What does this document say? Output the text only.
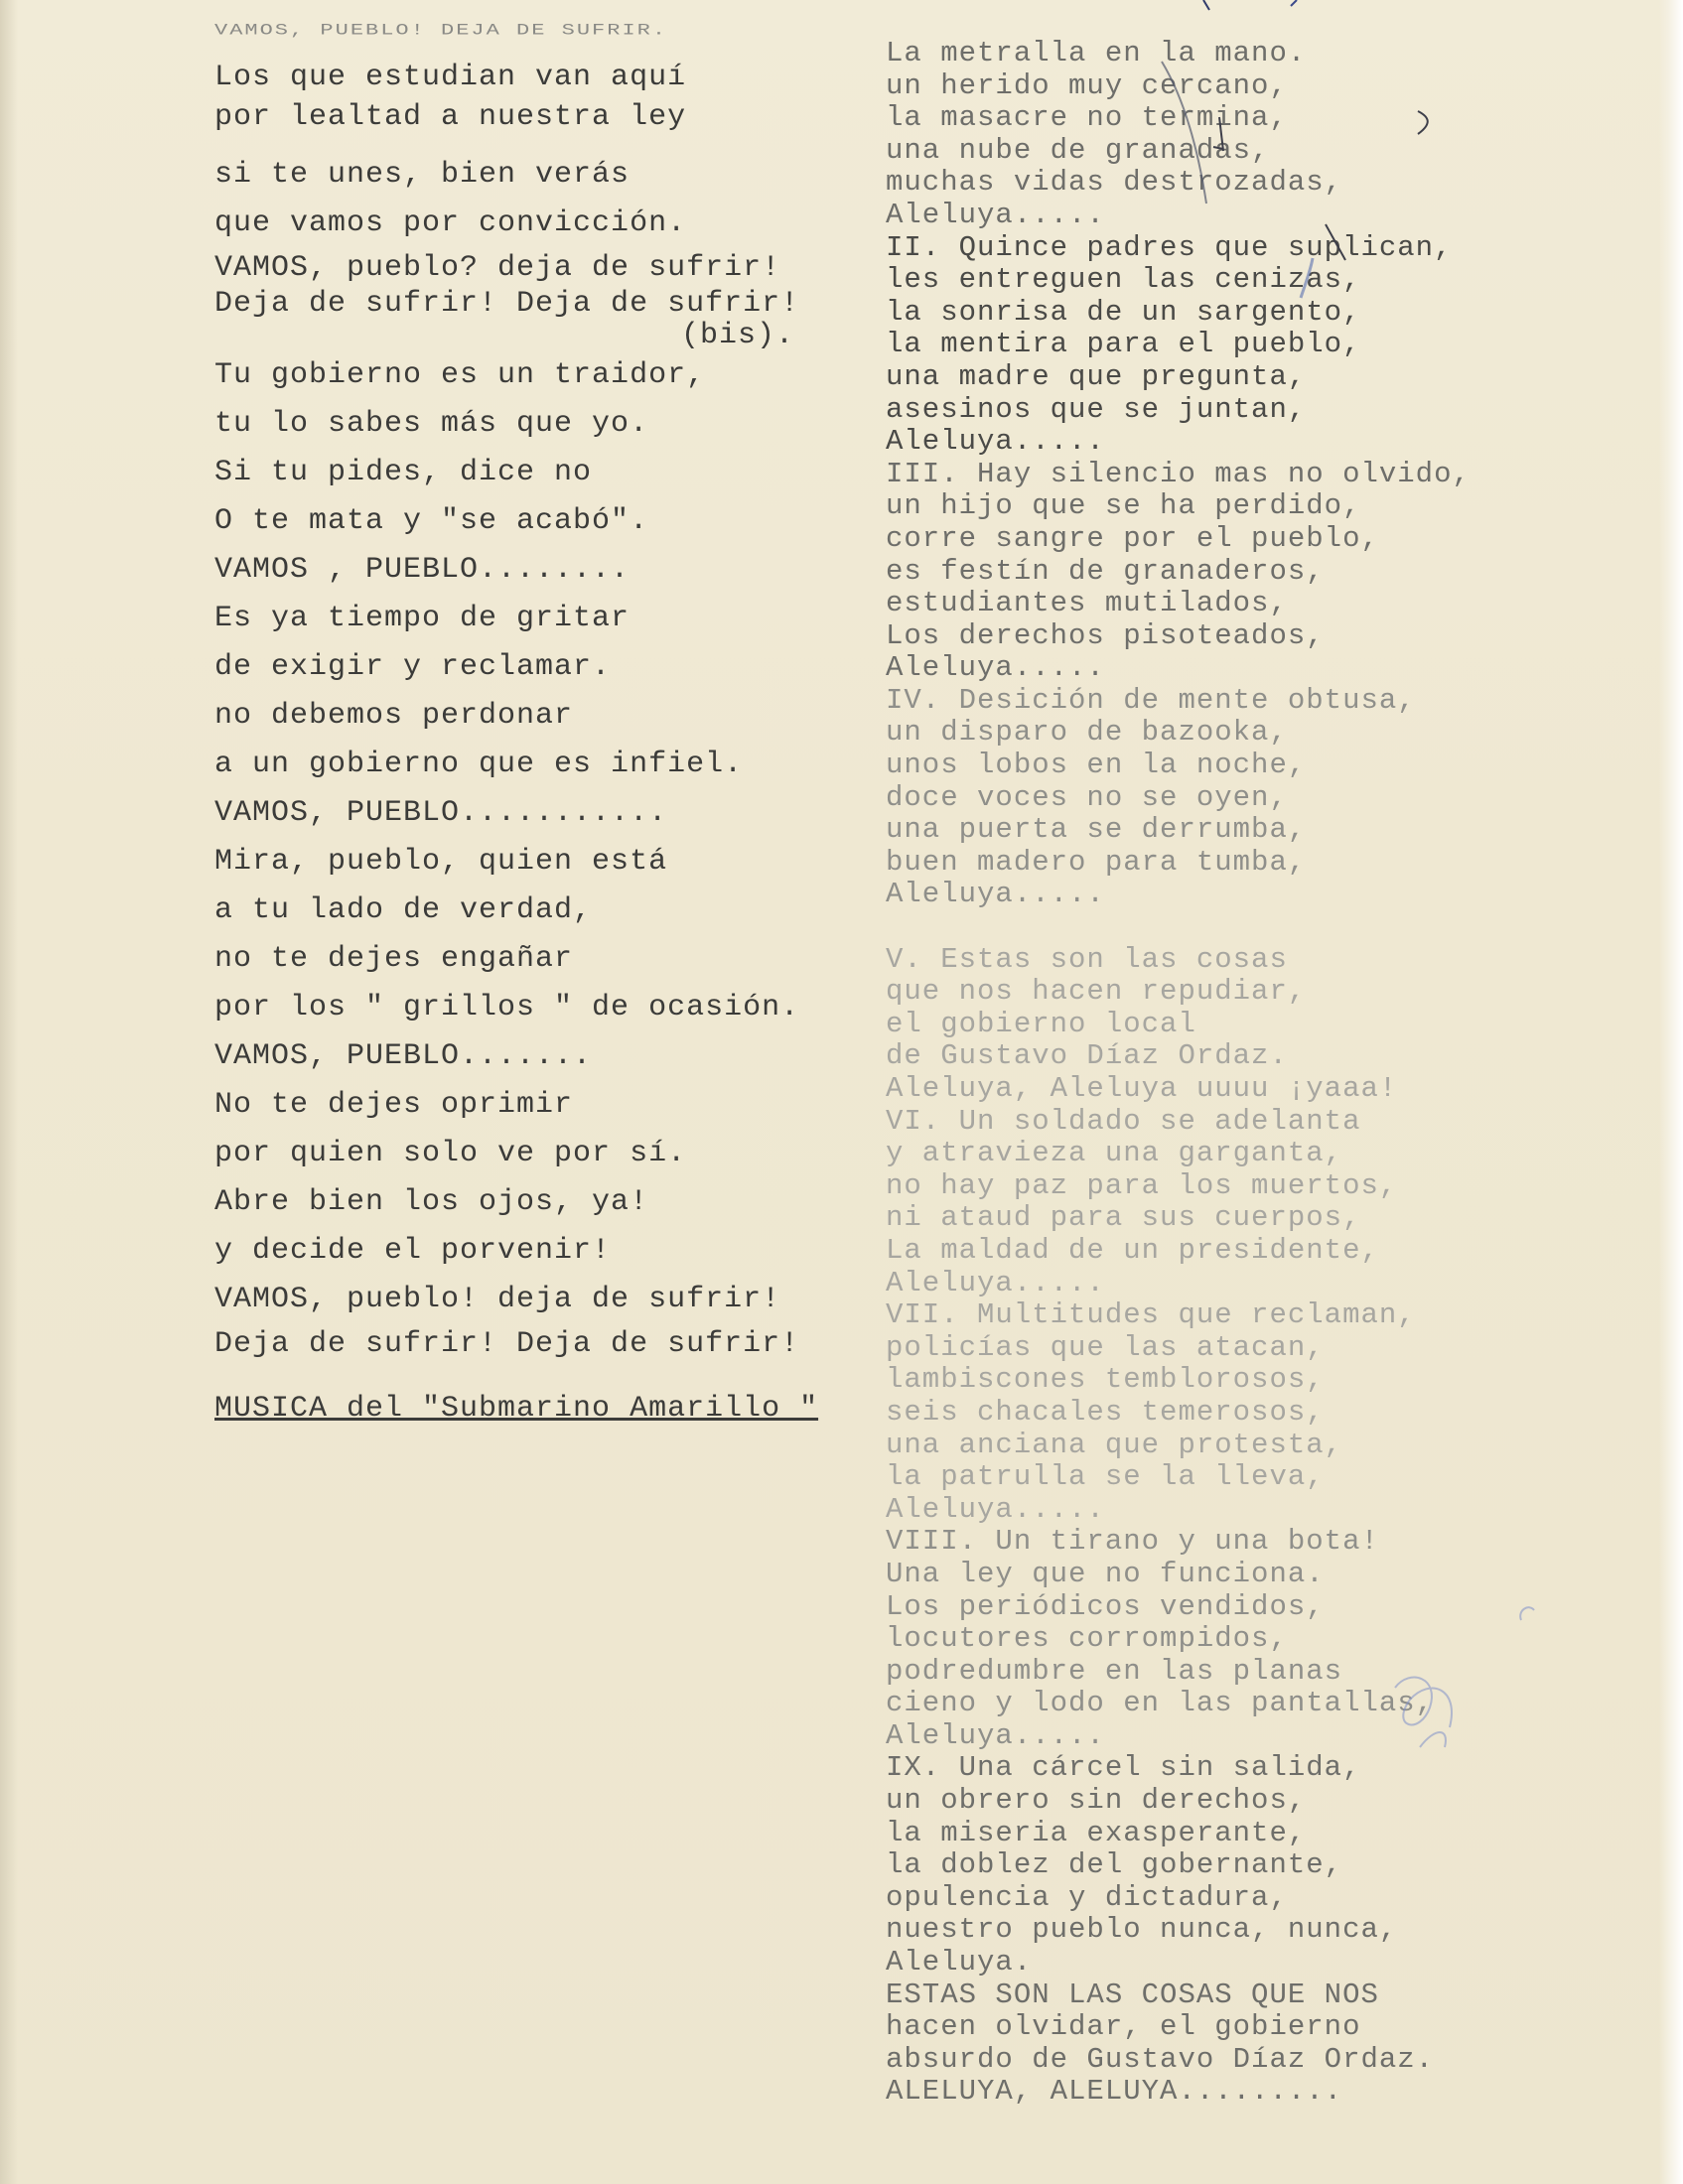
VAMOS, PUEBLO! DEJA DE SUFRIR.
Los que estudian van aquí
por lealtad a nuestra ley
si te unes, bien verás
que vamos por convicción.
VAMOS, pueblo? deja de sufrir!
Deja de sufrir! Deja de sufrir!
(bis).
Tu gobierno es un traidor,
tu lo sabes más que yo.
Si tu pides, dice no
O te mata y "se acabó".
VAMOS , PUEBLO........
Es ya tiempo de gritar
de exigir y reclamar.
no debemos perdonar
a un gobierno que es infiel.
VAMOS, PUEBLO...........
Mira, pueblo, quien está
a tu lado de verdad,
no te dejes engañar
por los " grillos " de ocasión.
VAMOS, PUEBLO.......
No te dejes oprimir
por quien solo ve por sí.
Abre bien los ojos, ya!
y decide el porvenir!
VAMOS, pueblo! deja de sufrir!
Deja de sufrir! Deja de sufrir!
MUSICA del "Submarino Amarillo "
La metralla en la mano.
un herido muy cercano,
la masacre no termina,
una nube de granadas,
muchas vidas destrozadas,
Aleluya.....
II. Quince padres que suplican,
les entreguen las cenizas,
la sonrisa de un sargento,
la mentira para el pueblo,
una madre que pregunta,
asesinos que se juntan,
Aleluya.....
III. Hay silencio mas no olvido,
un hijo que se ha perdido,
corre sangre por el pueblo,
es festín de granaderos,
estudiantes mutilados,
Los derechos pisoteados,
Aleluya.....
IV. Desición de mente obtusa,
un disparo de bazooka,
unos lobos en la noche,
doce voces no se oyen,
una puerta se derrumba,
buen madero para tumba,
Aleluya.....
V. Estas son las cosas
que nos hacen repudiar,
el gobierno local
de Gustavo Díaz Ordaz.
Aleluya, Aleluya uuuu ¡yaaa!
VI. Un soldado se adelanta
y atravieza una garganta,
no hay paz para los muertos,
ni ataud para sus cuerpos,
La maldad de un presidente,
Aleluya.....
VII. Multitudes que reclaman,
policías que las atacan,
lambiscones temblorosos,
seis chacales temerosos,
una anciana que protesta,
la patrulla se la lleva,
Aleluya.....
VIII. Un tirano y una bota!
Una ley que no funciona.
Los periódicos vendidos,
locutores corrompidos,
podredumbre en las planas
cieno y lodo en las pantallas,
Aleluya.....
IX. Una cárcel sin salida,
un obrero sin derechos,
la miseria exasperante,
la doblez del gobernante,
opulencia y dictadura,
nuestro pueblo nunca, nunca,
Aleluya.
ESTAS SON LAS COSAS QUE NOS
hacen olvidar, el gobierno
absurdo de Gustavo Díaz Ordaz.
ALELUYA, ALELUYA.........
